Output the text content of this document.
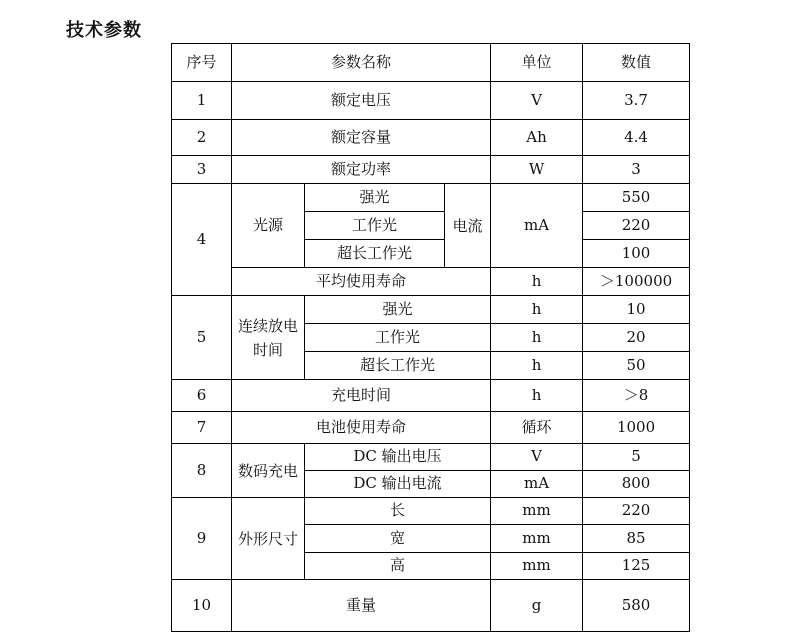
技术参数
序号	参数名称			单位	数值
1	额定电压			V	3.7
2	额定容量			Ah	4.4
3	额定功率			W	3
4	光源	强光	电流	mA	550
		工作光			220
		超长工作光			100
	平均使用寿命			h	＞100000
5	连续放电时间	强光		h	10
		工作光		h	20
		超长工作光		h	50
6	充电时间			h	＞8
7	电池使用寿命			循环	1000
8	数码充电	DC 输出电压		V	5
		DC 输出电流		mA	800
9	外形尺寸	长		mm	220
		宽		mm	85
		高		mm	125
10	重量			g	580
